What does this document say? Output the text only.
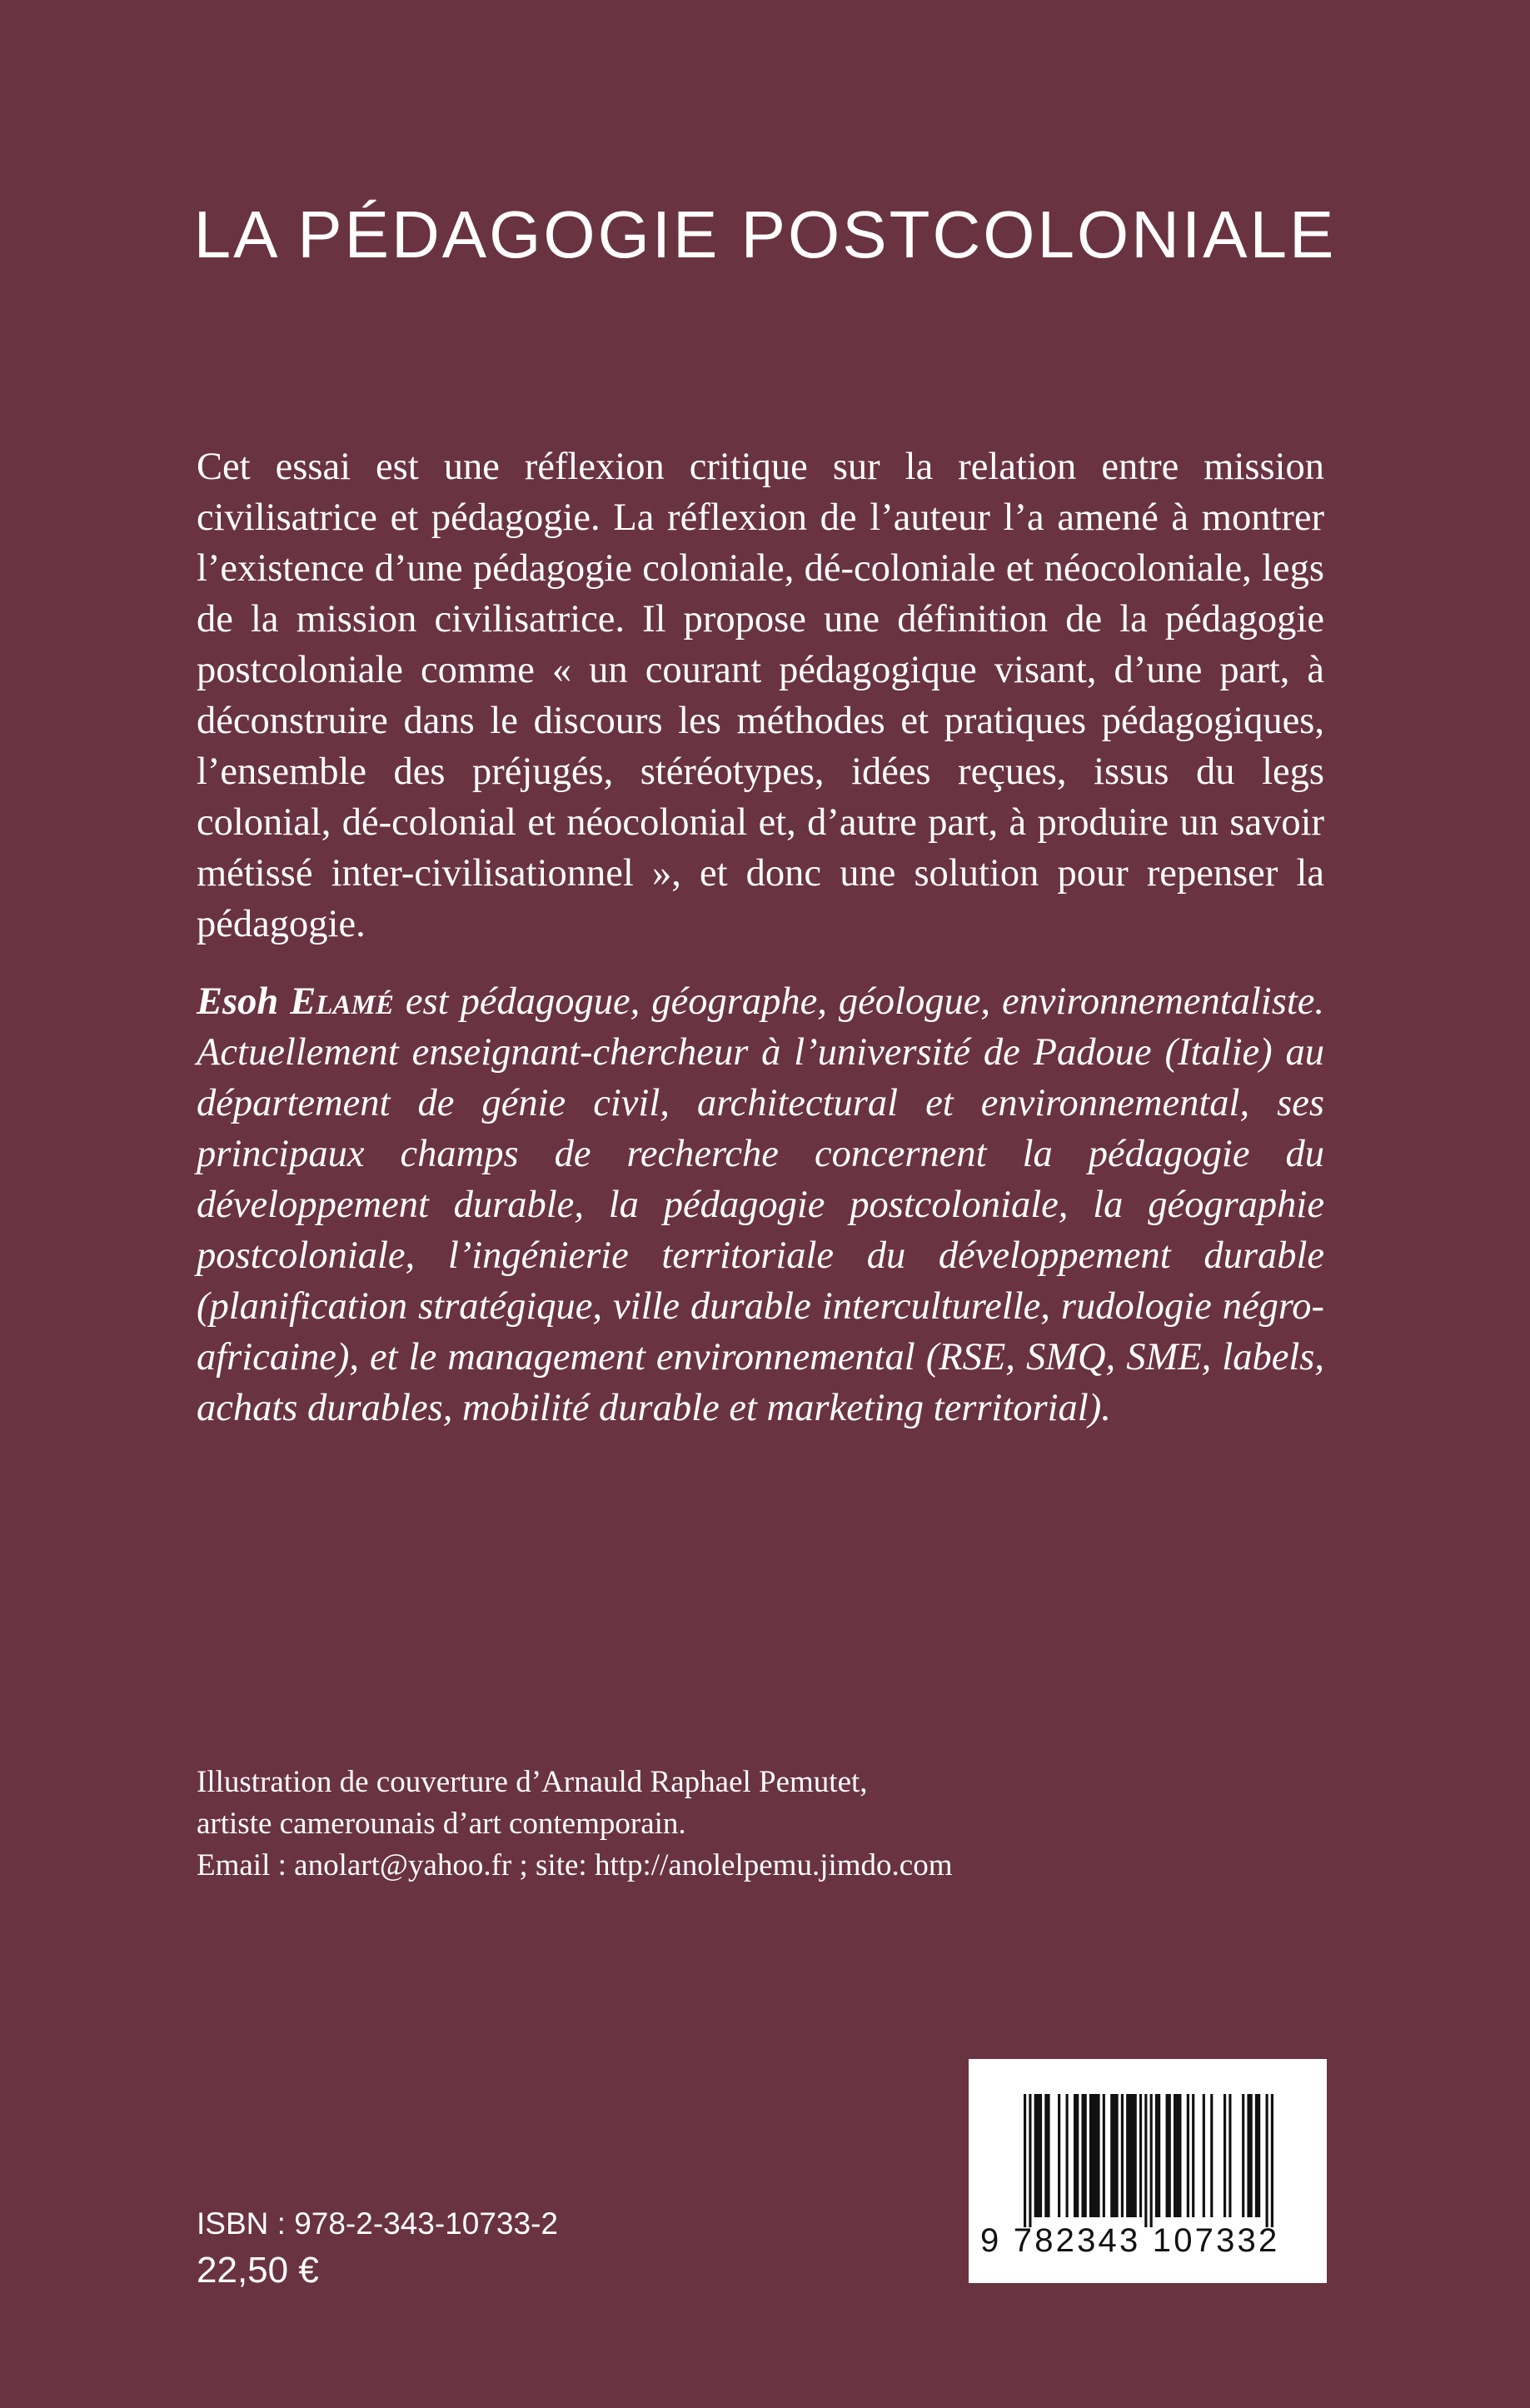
LA PÉDAGOGIE POSTCOLONIALE

Cet essai est une réflexion critique sur la relation entre mission civilisatrice et pédagogie. La réflexion de l’auteur l’a amené à montrer l’existence d’une pédagogie coloniale, dé-coloniale et néocoloniale, legs de la mission civilisatrice. Il propose une définition de la pédagogie postcoloniale comme « un courant pédagogique visant, d’une part, à déconstruire dans le discours les méthodes et pratiques pédagogiques, l’ensemble des préjugés, stéréotypes, idées reçues, issus du legs colonial, dé-colonial et néocolonial et, d’autre part, à produire un savoir métissé inter-civilisationnel », et donc une solution pour repenser la pédagogie.

Esoh Elamé est pédagogue, géographe, géologue, environnementaliste. Actuellement enseignant-chercheur à l’université de Padoue (Italie) au département de génie civil, architectural et environnemental, ses principaux champs de recherche concernent la pédagogie du développement durable, la pédagogie postcoloniale, la géographie postcoloniale, l’ingénierie territoriale du développement durable (planification stratégique, ville durable interculturelle, rudologie négro-africaine), et le management environnemental (RSE, SMQ, SME, labels, achats durables, mobilité durable et marketing territorial).

Illustration de couverture d’Arnauld Raphael Pemutet,
artiste camerounais d’art contemporain.
Email : anolart@yahoo.fr ; site: http://anolelpemu.jimdo.com
ISBN : 978-2-343-10733-2
22,50 €
9 782343 107332
